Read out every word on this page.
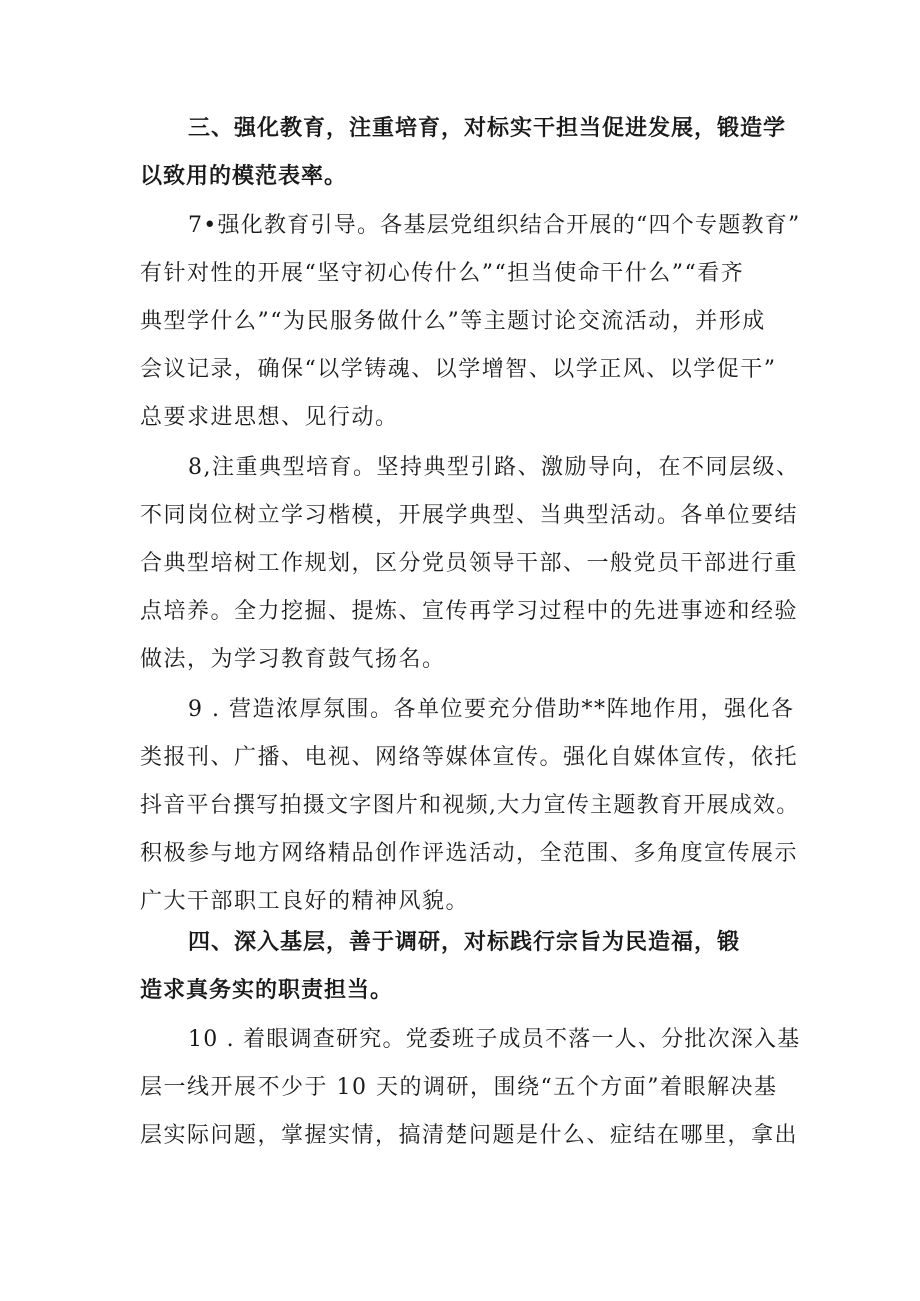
三、强化教育，注重培育，对标实干担当促进发展，锻造学
以致用的模范表率。
7•强化教育引导。各基层党组织结合开展的“四个专题教育”
有针对性的开展“坚守初心传什么”“担当使命干什么”“看齐
典型学什么”“为民服务做什么”等主题讨论交流活动，并形成
会议记录，确保“以学铸魂、以学增智、以学正风、以学促干”
总要求进思想、见行动。
8,注重典型培育。坚持典型引路、激励导向，在不同层级、
不同岗位树立学习楷模，开展学典型、当典型活动。各单位要结
合典型培树工作规划，区分党员领导干部、一般党员干部进行重
点培养。全力挖掘、提炼、宣传再学习过程中的先进事迹和经验
做法，为学习教育鼓气扬名。
9 . 营造浓厚氛围。各单位要充分借助**阵地作用，强化各
类报刊、广播、电视、网络等媒体宣传。强化自媒体宣传，依托
抖音平台撰写拍摄文字图片和视频,大力宣传主题教育开展成效。
积极参与地方网络精品创作评选活动，全范围、多角度宣传展示
广大干部职工良好的精神风貌。
四、深入基层，善于调研，对标践行宗旨为民造福，锻
造求真务实的职责担当。
10 . 着眼调查研究。党委班子成员不落一人、分批次深入基
层一线开展不少于 10 天的调研，围绕“五个方面”着眼解决基
层实际问题，掌握实情，搞清楚问题是什么、症结在哪里，拿出
